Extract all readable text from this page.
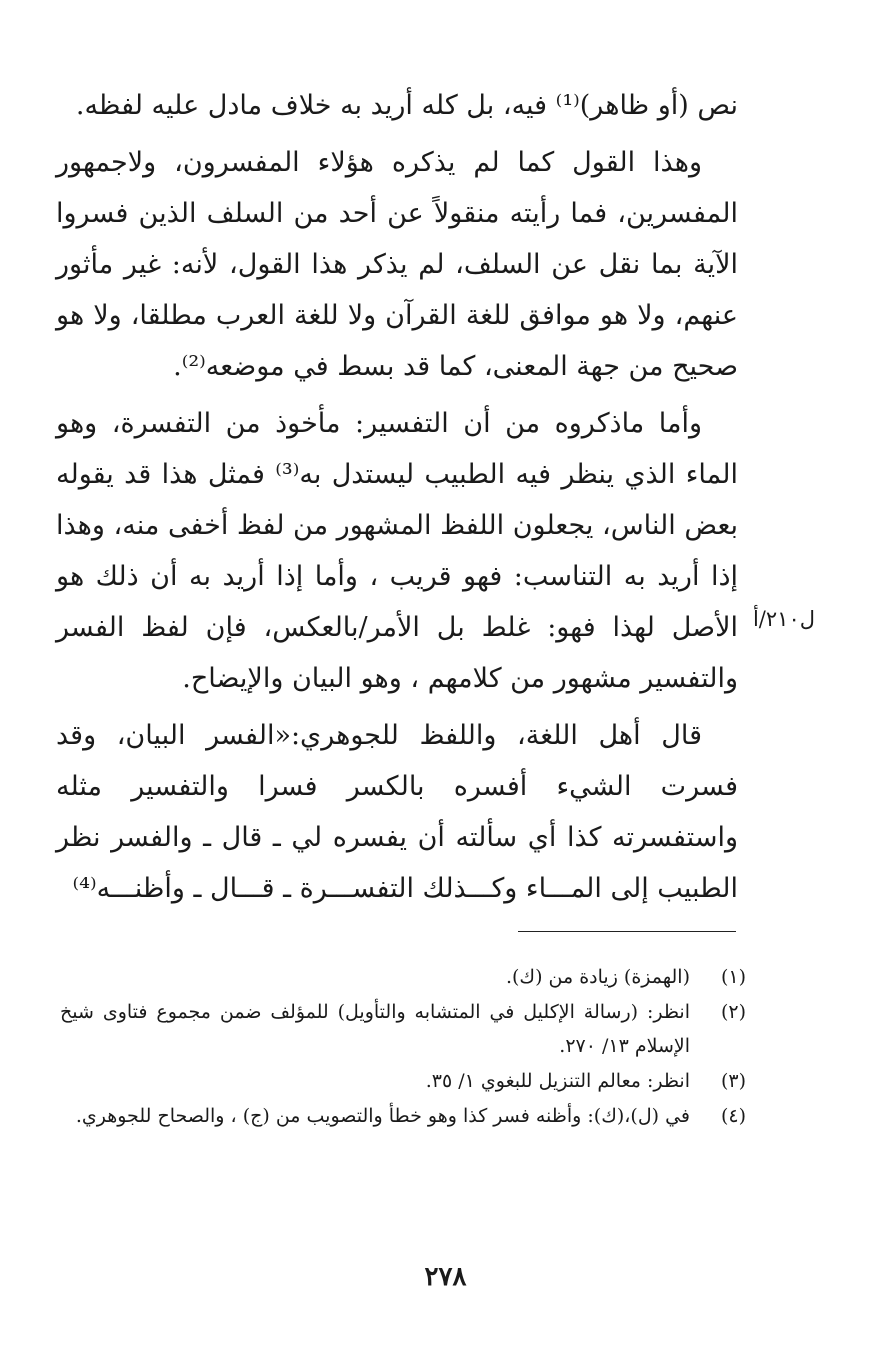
نص (أو ظاهر)⁽¹⁾ فيه، بل كله أريد به خلاف مادل عليه لفظه.

وهذا القول كما لم يذكره هؤلاء المفسرون، ولاجمهور المفسرين، فما رأيته منقولاً عن أحد من السلف الذين فسروا الآية بما نقل عن السلف، لم يذكر هذا القول، لأنه: غير مأثور عنهم، ولا هو موافق للغة القرآن ولا للغة العرب مطلقا، ولا هو صحيح من جهة المعنى، كما قد بسط في موضعه⁽²⁾.

وأما ماذكروه من أن التفسير: مأخوذ من التفسرة، وهو الماء الذي ينظر فيه الطبيب ليستدل به⁽³⁾ فمثل هذا قد يقوله بعض الناس، يجعلون اللفظ المشهور من لفظ أخفى منه، وهذا إذا أريد به التناسب: فهو قريب ، وأما إذا أريد به أن ذلك هو الأصل لهذا فهو: غلط بل الأمر/بالعكس، فإن لفظ الفسر والتفسير مشهور من كلامهم ، وهو البيان والإيضاح.

قال أهل اللغة، واللفظ للجوهري:«الفسر البيان، وقد فسرت الشيء أفسره بالكسر فسرا والتفسير مثله واستفسرته كذا أي سألته أن يفسره لي ـ قال ـ والفسر نظر الطبيب إلى المـــاء وكـــذلك التفســـرة ـ قـــال ـ وأظنـــه⁽⁴⁾

ل٢١٠/أ
(١)
(الهمزة) زيادة من (ك).
(٢)
انظر: (رسالة الإكليل في المتشابه والتأويل) للمؤلف ضمن مجموع فتاوى شيخ الإسلام ١٣/ ٢٧٠.
(٣)
انظر: معالم التنزيل للبغوي ١/ ٣٥.
(٤)
في (ل)،(ك): وأظنه فسر كذا وهو خطأ والتصويب من (ج) ، والصحاح للجوهري.
٢٧٨
